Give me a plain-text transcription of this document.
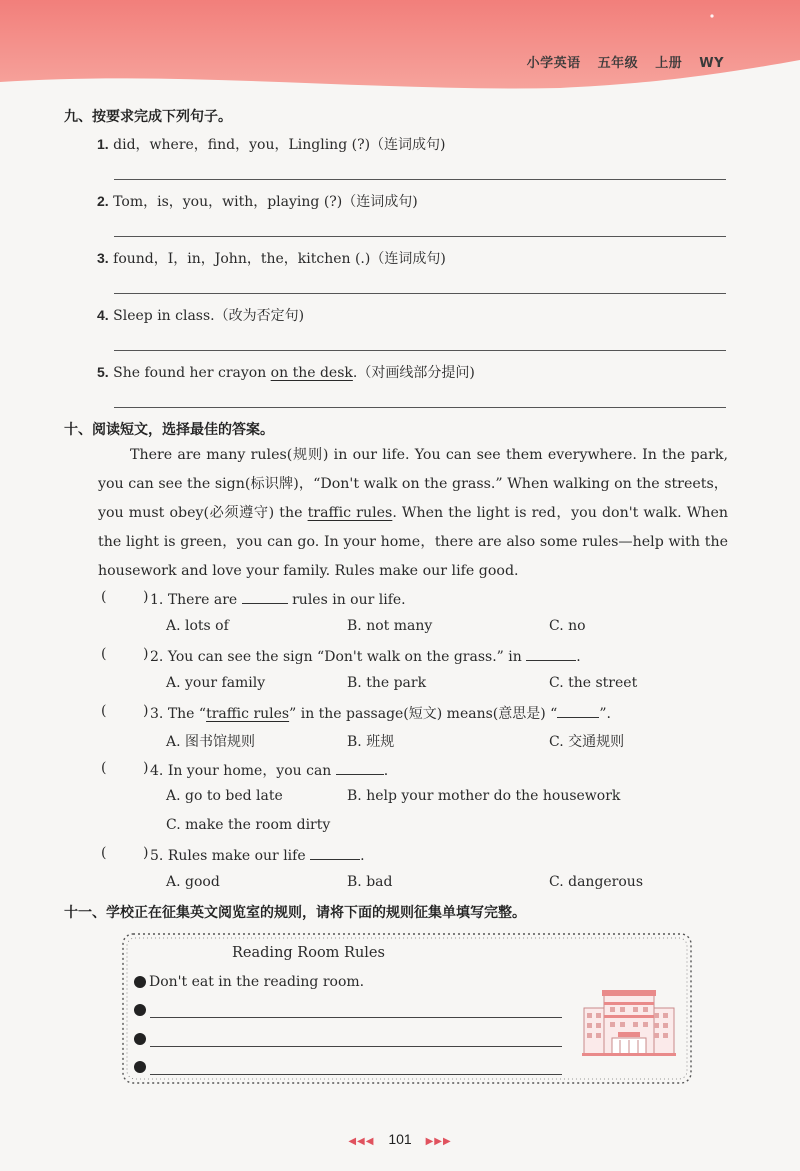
小学英语 五年级 上册 WY
九、按要求完成下列句子。
1. did，where，find，you，Lingling (?)（连词成句)
2. Tom，is，you，with，playing (?)（连词成句)
3. found，I，in，John，the，kitchen (.)（连词成句)
4. Sleep in class.（改为否定句)
5. She found her crayon on the desk.（对画线部分提问)
十、阅读短文，选择最佳的答案。

There are many rules(规则) in our life. You can see them everywhere. In the park, you can see the sign(标识牌)，“Don't walk on the grass.” When walking on the streets，you must obey(必须遵守) the traffic rules. When the light is red，you don't walk. When the light is green，you can go. In your home，there are also some rules—help with the housework and love your family. Rules make our life good.

(	) 1. There are	rules in our life.
A. lots of	B. not many	C. no
(	) 2. You can see the sign “Don't walk on the grass.” in	.
A. your family	B. the park	C. the street
(	) 3. The “traffic rules” in the passage(短文) means(意思是) “	”.
A. 图书馆规则	B. 班规	C. 交通规则
(	) 4. In your home，you can	.
A. go to bed late	B. help your mother do the housework
C. make the room dirty
(	) 5. Rules make our life	.
A. good	B. bad	C. dangerous
十一、学校正在征集英文阅览室的规则，请将下面的规则征集单填写完整。
Reading Room Rules
Don't eat in the reading room.
◀◀◀ 101 ▶▶▶
